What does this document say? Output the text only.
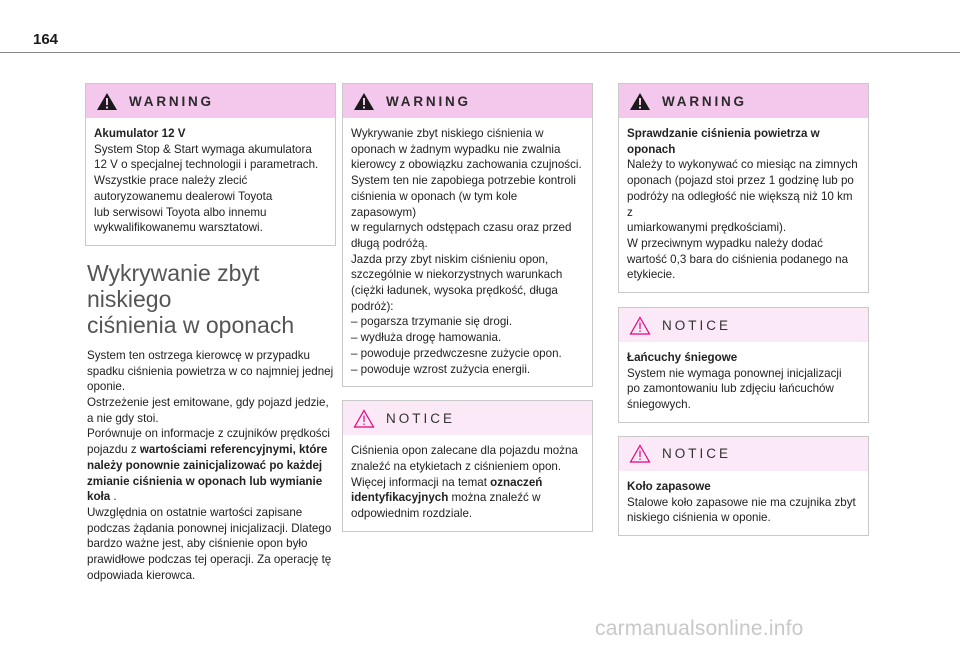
164
WARNING

Akumulator 12 V

System Stop & Start wymaga akumulatora

12 V o specjalnej technologii i parametrach.

Wszystkie prace należy zlecić

autoryzowanemu dealerowi Toyota

lub serwisowi Toyota albo innemu

wykwalifikowanemu warsztatowi.

Wykrywanie zbyt niskiego
ciśnienia w oponach

System ten ostrzega kierowcę w przypadku

spadku ciśnienia powietrza w co najmniej jednej

oponie.

Ostrzeżenie jest emitowane, gdy pojazd jedzie,

a nie gdy stoi.

Porównuje on informacje z czujników prędkości

pojazdu z wartościami referencyjnymi, które

należy ponownie zainicjalizować po każdej

zmianie ciśnienia w oponach lub wymianie

koła .

Uwzględnia on ostatnie wartości zapisane

podczas żądania ponownej inicjalizacji. Dlatego

bardzo ważne jest, aby ciśnienie opon było

prawidłowe podczas tej operacji. Za operację tę

odpowiada kierowca.

WARNING

Wykrywanie zbyt niskiego ciśnienia w

oponach w żadnym wypadku nie zwalnia

kierowcy z obowiązku zachowania czujności.

System ten nie zapobiega potrzebie kontroli

ciśnienia w oponach (w tym kole zapasowym)

w regularnych odstępach czasu oraz przed

długą podróżą.

Jazda przy zbyt niskim ciśnieniu opon,

szczególnie w niekorzystnych warunkach

(ciężki ładunek, wysoka prędkość, długa

podróż):

– pogarsza trzymanie się drogi.

– wydłuża drogę hamowania.

– powoduje przedwczesne zużycie opon.

– powoduje wzrost zużycia energii.

NOTICE

Ciśnienia opon zalecane dla pojazdu można

znaleźć na etykietach z ciśnieniem opon.

Więcej informacji na temat oznaczeń

identyfikacyjnych można znaleźć w

odpowiednim rozdziale.

WARNING

Sprawdzanie ciśnienia powietrza w

oponach

Należy to wykonywać co miesiąc na zimnych

oponach (pojazd stoi przez 1 godzinę lub po

podróży na odległość nie większą niż 10 km z

umiarkowanymi prędkościami).

W przeciwnym wypadku należy dodać

wartość 0,3 bara do ciśnienia podanego na

etykiecie.

NOTICE

Łańcuchy śniegowe

System nie wymaga ponownej inicjalizacji

po zamontowaniu lub zdjęciu łańcuchów

śniegowych.

NOTICE

Koło zapasowe

Stalowe koło zapasowe nie ma czujnika zbyt

niskiego ciśnienia w oponie.

carmanualsonline.info
